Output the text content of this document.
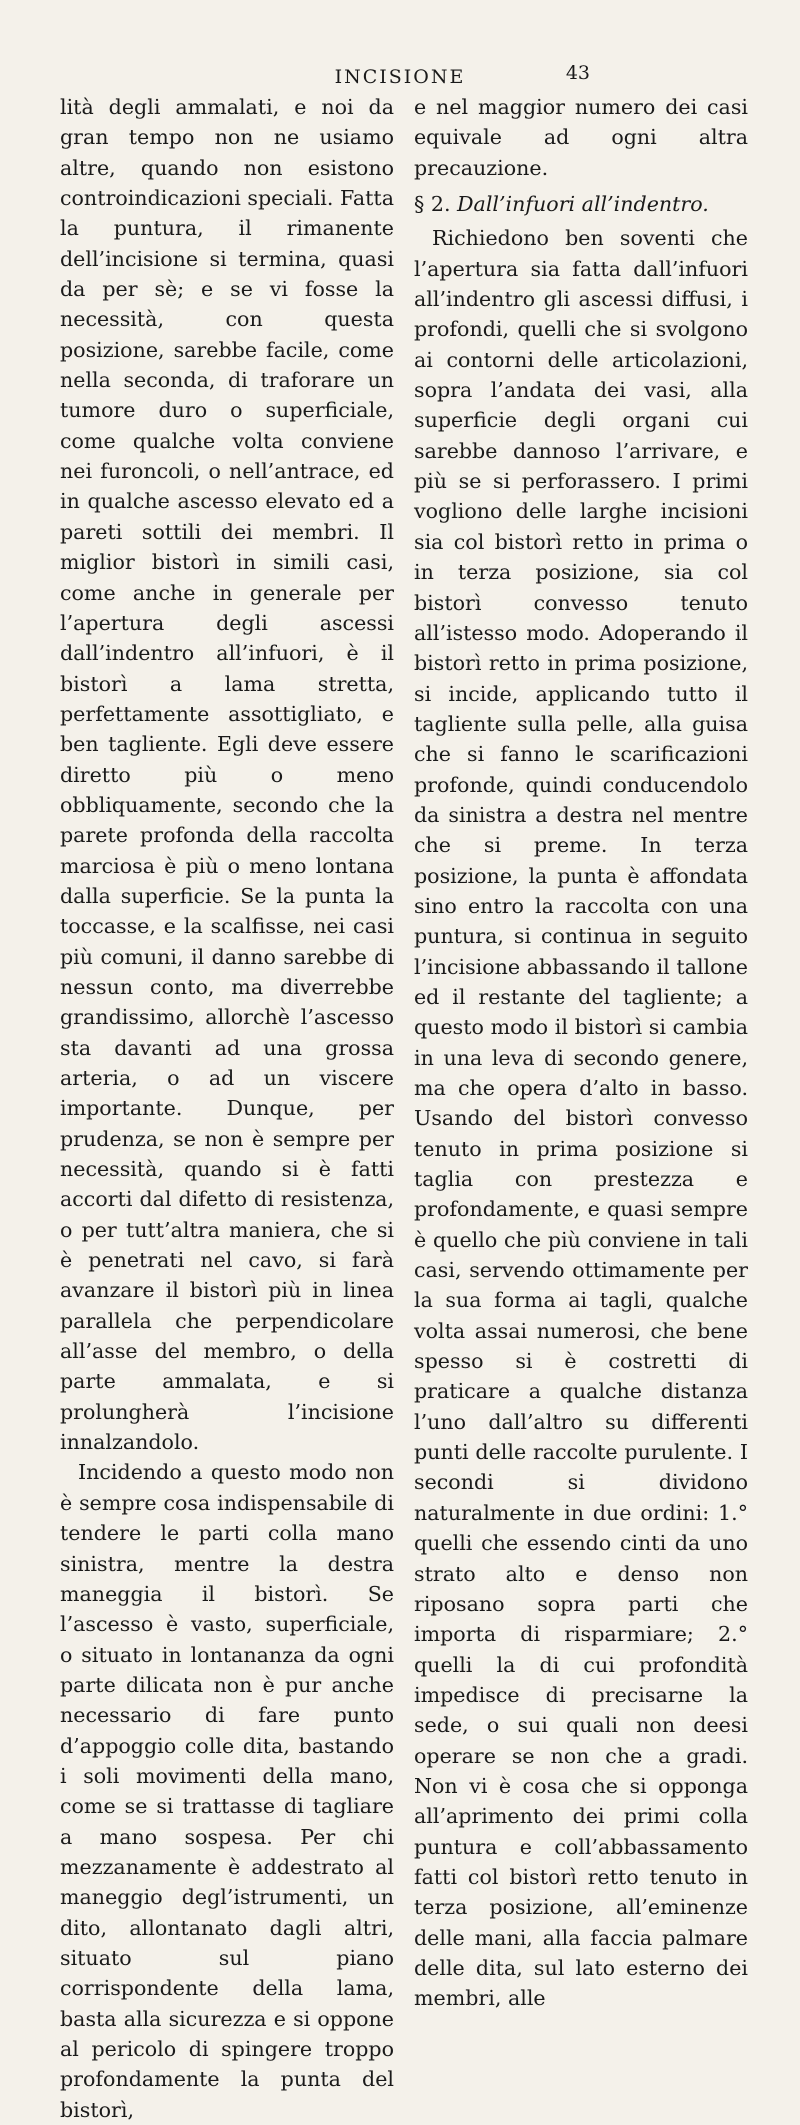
INCISIONE	43

lità degli ammalati, e noi da gran tempo non ne usiamo altre, quando non esistono controindicazioni speciali. Fatta la puntura, il rimanente dell’incisione si termina, quasi da per sè; e se vi fosse la necessità, con questa posizione, sarebbe facile, come nella seconda, di traforare un tumore duro o superficiale, come qualche volta conviene nei furoncoli, o nell’antrace, ed in qualche ascesso elevato ed a pareti sottili dei membri. Il miglior bistorì in simili casi, come anche in generale per l’apertura degli ascessi dall’indentro all’infuori, è il bistorì a lama stretta, perfettamente assottigliato, e ben tagliente. Egli deve essere diretto più o meno obbliquamente, secondo che la parete profonda della raccolta marciosa è più o meno lontana dalla superficie. Se la punta la toccasse, e la scalfisse, nei casi più comuni, il danno sarebbe di nessun conto, ma diverrebbe grandissimo, allorchè l’ascesso sta davanti ad una grossa arteria, o ad un viscere importante. Dunque, per prudenza, se non è sempre per necessità, quando si è fatti accorti dal difetto di resistenza, o per tutt’altra maniera, che si è penetrati nel cavo, si farà avanzare il bistorì più in linea parallela che perpendicolare all’asse del membro, o della parte ammalata, e si prolungherà l’incisione innalzandolo.

Incidendo a questo modo non è sempre cosa indispensabile di tendere le parti colla mano sinistra, mentre la destra maneggia il bistorì. Se l’ascesso è vasto, superficiale, o situato in lontananza da ogni parte dilicata non è pur anche necessario di fare punto d’appoggio colle dita, bastando i soli movimenti della mano, come se si trattasse di tagliare a mano sospesa. Per chi mezzanamente è addestrato al maneggio degl’istrumenti, un dito, allontanato dagli altri, situato sul piano corrispondente della lama, basta alla sicurezza e si oppone al pericolo di spingere troppo profondamente la punta del bistorì,

e nel maggior numero dei casi equivale ad ogni altra precauzione.

§ 2. Dall’infuori all’indentro.

Richiedono ben soventi che l’apertura sia fatta dall’infuori all’indentro gli ascessi diffusi, i profondi, quelli che si svolgono ai contorni delle articolazioni, sopra l’andata dei vasi, alla superficie degli organi cui sarebbe dannoso l’arrivare, e più se si perforassero. I primi vogliono delle larghe incisioni sia col bistorì retto in prima o in terza posizione, sia col bistorì convesso tenuto all’istesso modo. Adoperando il bistorì retto in prima posizione, si incide, applicando tutto il tagliente sulla pelle, alla guisa che si fanno le scarificazioni profonde, quindi conducendolo da sinistra a destra nel mentre che si preme. In terza posizione, la punta è affondata sino entro la raccolta con una puntura, si continua in seguito l’incisione abbassando il tallone ed il restante del tagliente; a questo modo il bistorì si cambia in una leva di secondo genere, ma che opera d’alto in basso. Usando del bistorì convesso tenuto in prima posizione si taglia con prestezza e profondamente, e quasi sempre è quello che più conviene in tali casi, servendo ottimamente per la sua forma ai tagli, qualche volta assai numerosi, che bene spesso si è costretti di praticare a qualche distanza l’uno dall’altro su differenti punti delle raccolte purulente. I secondi si dividono naturalmente in due ordini: 1.° quelli che essendo cinti da uno strato alto e denso non riposano sopra parti che importa di risparmiare; 2.° quelli la di cui profondità impedisce di precisarne la sede, o sui quali non deesi operare se non che a gradi. Non vi è cosa che si opponga all’aprimento dei primi colla puntura e coll’abbassamento fatti col bistorì retto tenuto in terza posizione, all’eminenze delle mani, alla faccia palmare delle dita, sul lato esterno dei membri, alle
